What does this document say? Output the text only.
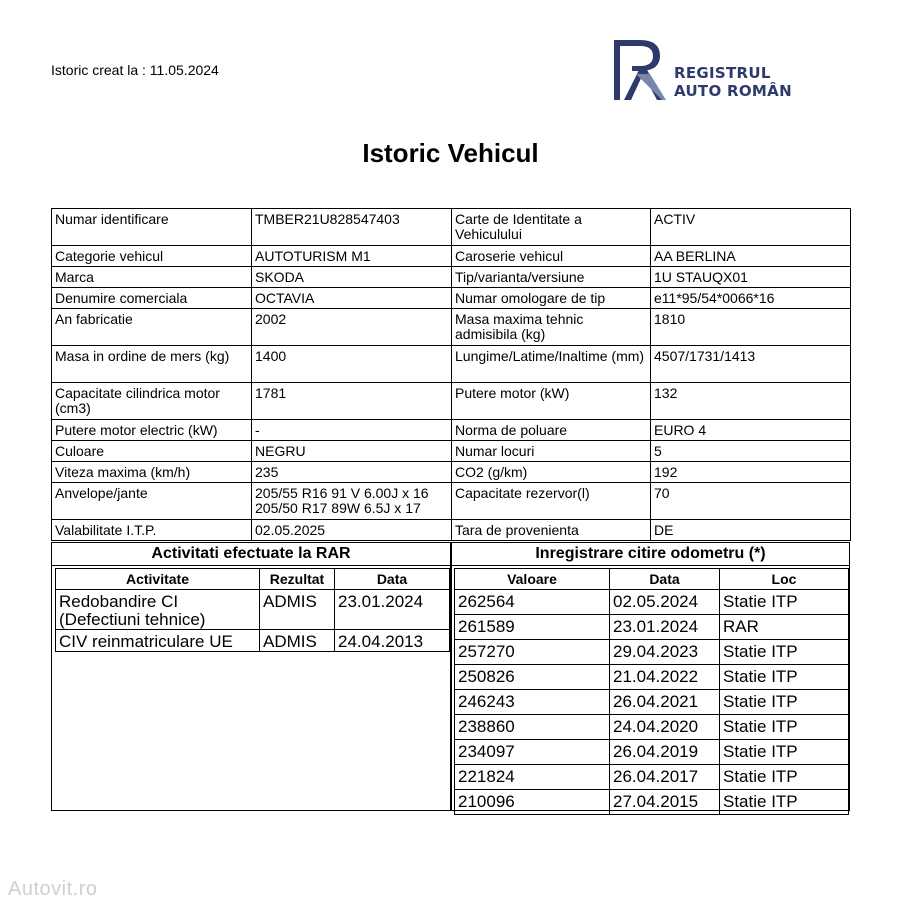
Istoric creat la : 11.05.2024	REGISTRUL
AUTO ROMÂN
Istoric Vehicul
Numar identificare	TMBER21U828547403	Carte de Identitate a Vehiculului	ACTIV
Categorie vehicul	AUTOTURISM M1	Caroserie vehicul	AA BERLINA
Marca	SKODA	Tip/varianta/versiune	1U STAUQX01
Denumire comerciala	OCTAVIA	Numar omologare de tip	e11*95/54*0066*16
An fabricatie	2002	Masa maxima tehnic admisibila (kg)	1810
Masa in ordine de mers (kg)	1400	Lungime/Latime/Inaltime (mm)	4507/1731/1413
Capacitate cilindrica motor (cm3)	1781	Putere motor (kW)	132
Putere motor electric (kW)	-	Norma de poluare	EURO 4
Culoare	NEGRU	Numar locuri	5
Viteza maxima (km/h)	235	CO2 (g/km)	192
Anvelope/jante	205/55 R16 91 V 6.00J x 16 205/50 R17 89W 6.5J x 17	Capacitate rezervor(l)	70
Valabilitate I.T.P.	02.05.2025	Tara de provenienta	DE
Activitati efectuate la RAR
Activitate	Rezultat	Data
Redobandire CI (Defectiuni tehnice)	ADMIS	23.01.2024
CIV reinmatriculare UE	ADMIS	24.04.2013
Inregistrare citire odometru (*)
Valoare	Data	Loc
262564	02.05.2024	Statie ITP
261589	23.01.2024	RAR
257270	29.04.2023	Statie ITP
250826	21.04.2022	Statie ITP
246243	26.04.2021	Statie ITP
238860	24.04.2020	Statie ITP
234097	26.04.2019	Statie ITP
221824	26.04.2017	Statie ITP
210096	27.04.2015	Statie ITP
Autovit.ro
